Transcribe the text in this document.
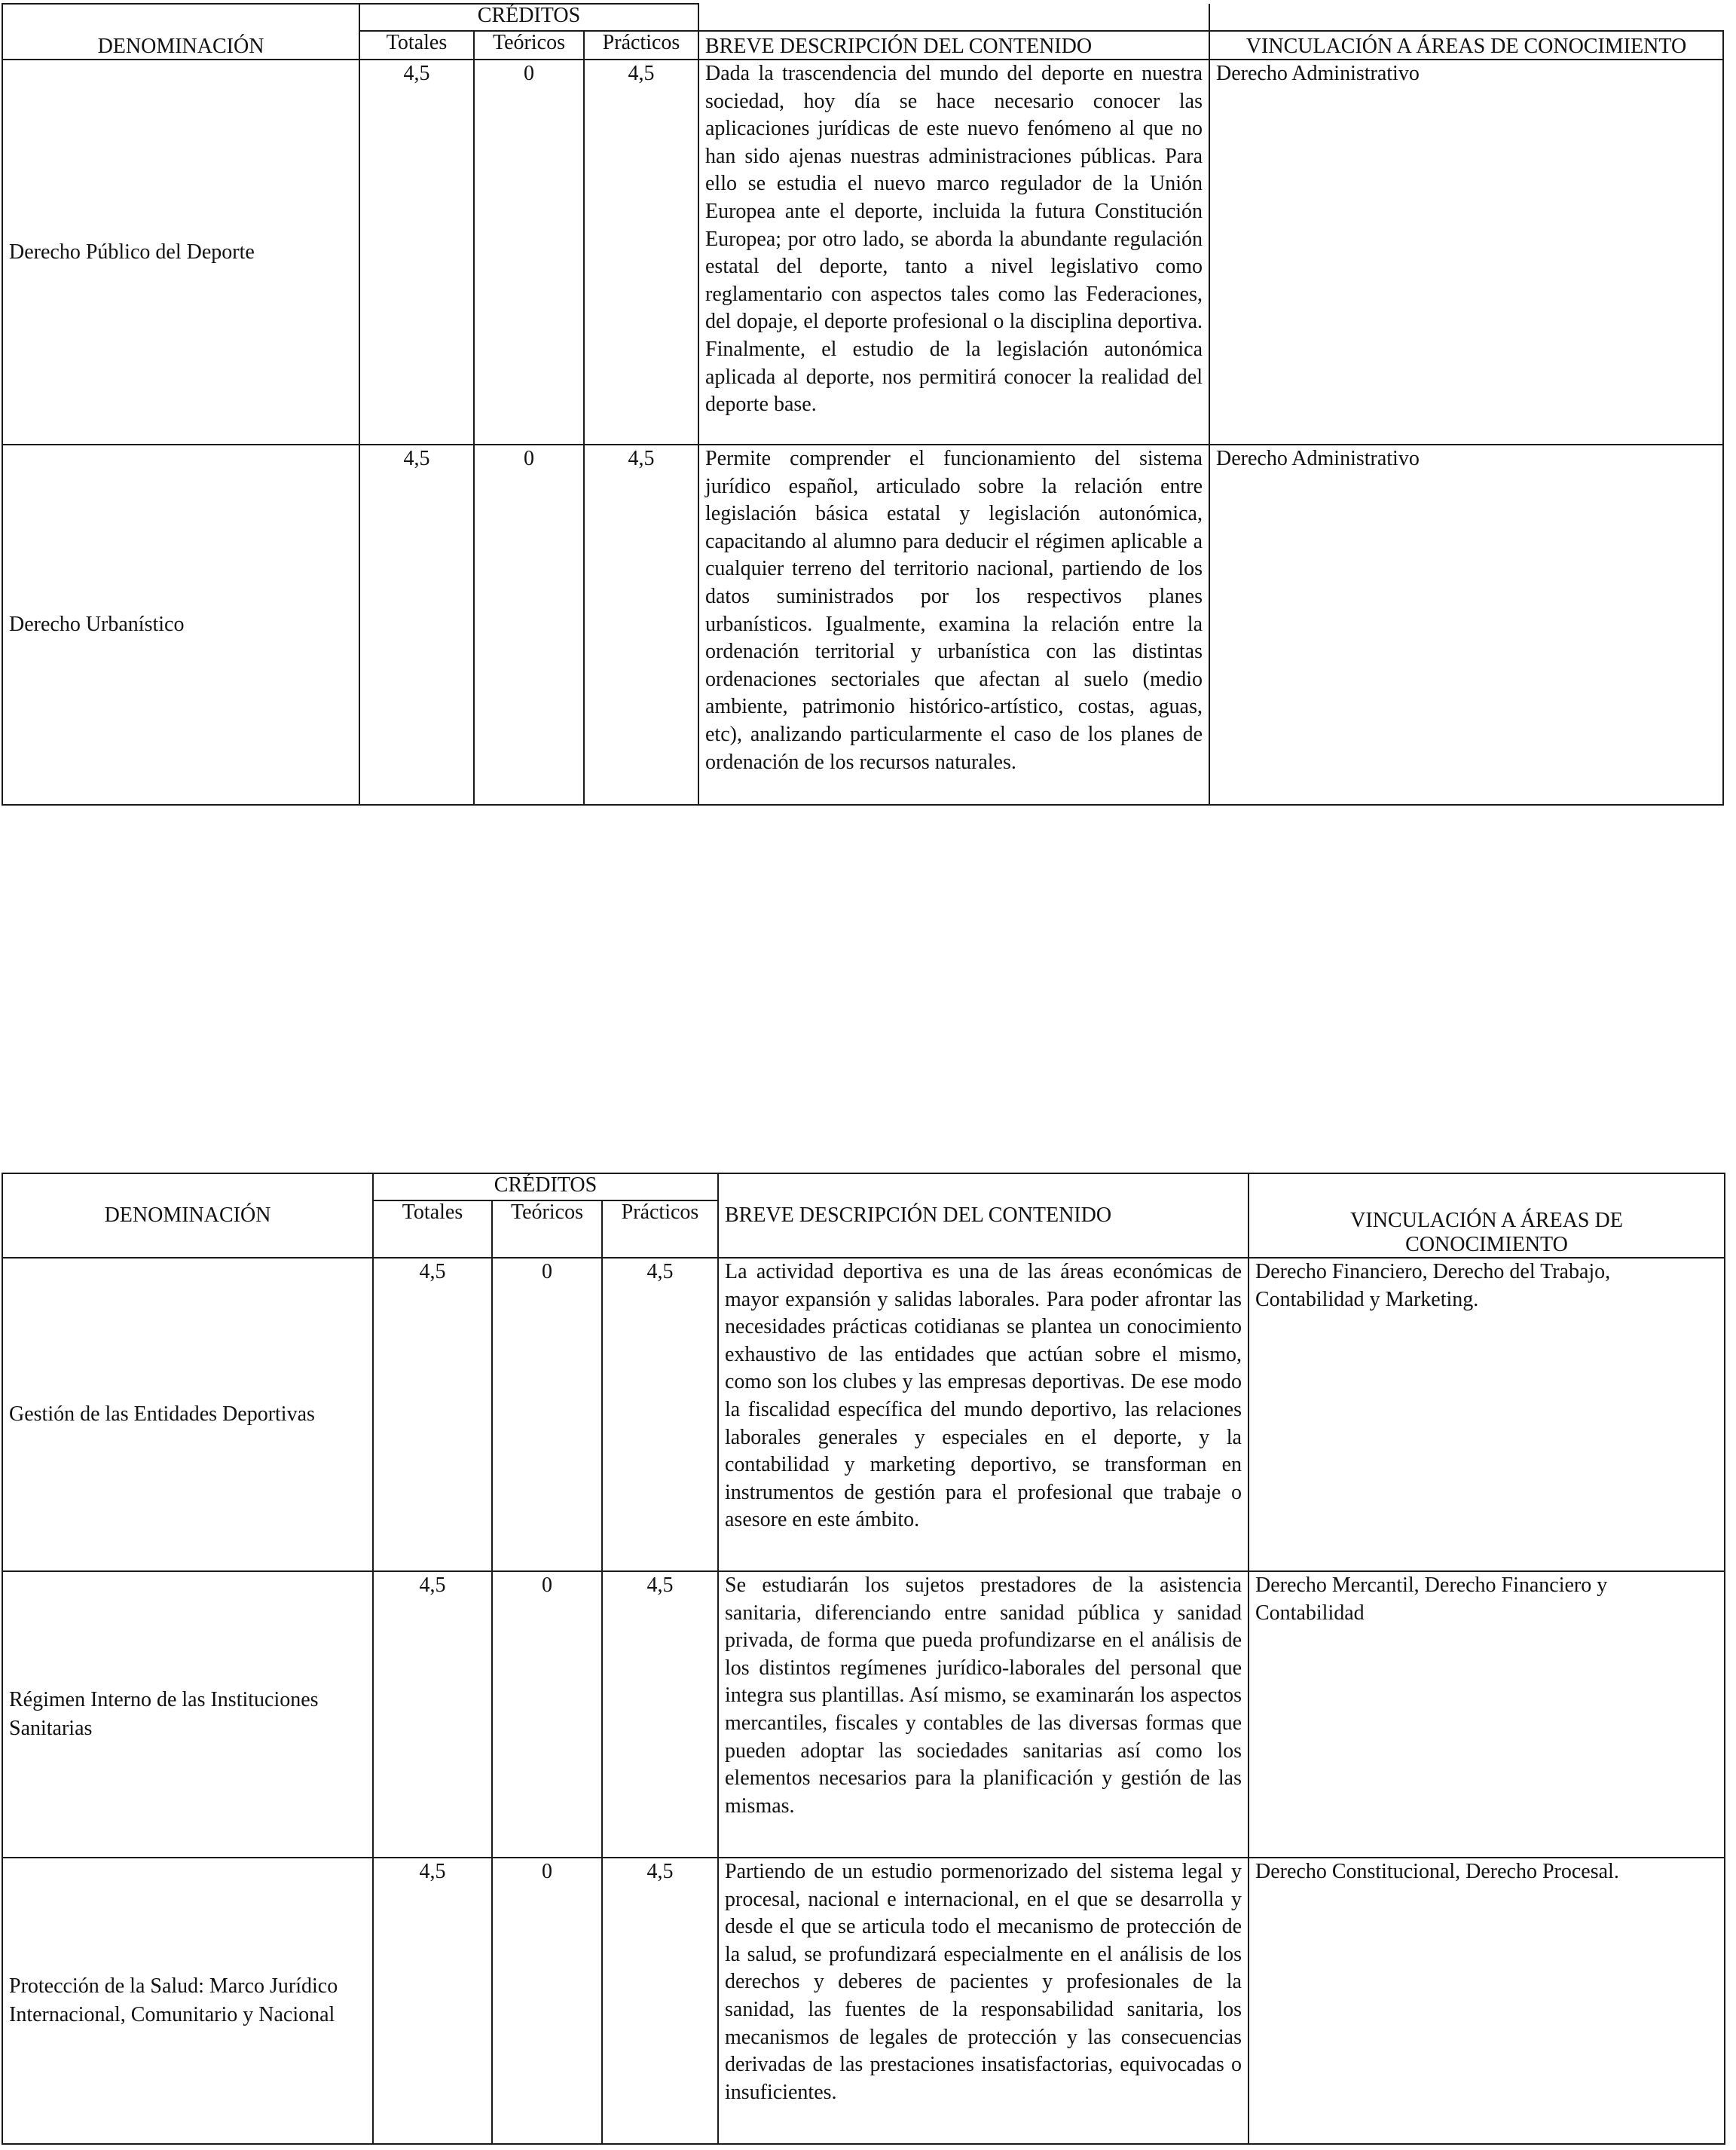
DENOMINACIÓN	CRÉDITOS				
	Totales	Teóricos	Prácticos	BREVE DESCRIPCIÓN DEL CONTENIDO	VINCULACIÓN A ÁREAS DE CONOCIMIENTO
Derecho Público del Deporte	4,5	0	4,5	Dada la trascendencia del mundo del deporte en nuestra sociedad, hoy día se hace necesario conocer las aplicaciones jurídicas de este nuevo fenómeno al que no han sido ajenas nuestras administraciones públicas. Para ello se estudia el nuevo marco regulador de la Unión Europea ante el deporte, incluida la futura Constitución Europea; por otro lado, se aborda la abundante regulación estatal del deporte, tanto a nivel legislativo como reglamentario con aspectos tales como las Federaciones, del dopaje, el deporte profesional o la disciplina deportiva. Finalmente, el estudio de la legislación autonómica aplicada al deporte, nos permitirá conocer la realidad del deporte base.	Derecho Administrativo
Derecho Urbanístico	4,5	0	4,5	Permite comprender el funcionamiento del sistema jurídico español, articulado sobre la relación entre legislación básica estatal y legislación autonómica, capacitando al alumno para deducir el régimen aplicable a cualquier terreno del territorio nacional, partiendo de los datos suministrados por los respectivos planes urbanísticos. Igualmente, examina la relación entre la ordenación territorial y urbanística con las distintas ordenaciones sectoriales que afectan al suelo (medio ambiente, patrimonio histórico-artístico, costas, aguas, etc), analizando particularmente el caso de los planes de ordenación de los recursos naturales.	Derecho Administrativo
DENOMINACIÓN	CRÉDITOS			BREVE DESCRIPCIÓN DEL CONTENIDO	VINCULACIÓN A ÁREAS DE CONOCIMIENTO
	Totales	Teóricos	Prácticos		
Gestión de las Entidades Deportivas	4,5	0	4,5	La actividad deportiva es una de las áreas económicas de mayor expansión y salidas laborales. Para poder afrontar las necesidades prácticas cotidianas se plantea un conocimiento exhaustivo de las entidades que actúan sobre el mismo, como son los clubes y las empresas deportivas. De ese modo la fiscalidad específica del mundo deportivo, las relaciones laborales generales y especiales en el deporte, y la contabilidad y marketing deportivo, se transforman en instrumentos de gestión para el profesional que trabaje o asesore en este ámbito.	Derecho Financiero, Derecho del Trabajo, Contabilidad y Marketing.
Régimen Interno de las Instituciones Sanitarias	4,5	0	4,5	Se estudiarán los sujetos prestadores de la asistencia sanitaria, diferenciando entre sanidad pública y sanidad privada, de forma que pueda profundizarse en el análisis de los distintos regímenes jurídico-laborales del personal que integra sus plantillas. Así mismo, se examinarán los aspectos mercantiles, fiscales y contables de las diversas formas que pueden adoptar las sociedades sanitarias así como los elementos necesarios para la planificación y gestión de las mismas.	Derecho Mercantil, Derecho Financiero y Contabilidad
Protección de la Salud: Marco Jurídico Internacional, Comunitario y Nacional	4,5	0	4,5	Partiendo de un estudio pormenorizado del sistema legal y procesal, nacional e internacional, en el que se desarrolla y desde el que se articula todo el mecanismo de protección de la salud, se profundizará especialmente en el análisis de los derechos y deberes de pacientes y profesionales de la sanidad, las fuentes de la responsabilidad sanitaria, los mecanismos de legales de protección y las consecuencias derivadas de las prestaciones insatisfactorias, equivocadas o insuficientes.	Derecho Constitucional, Derecho Procesal.
